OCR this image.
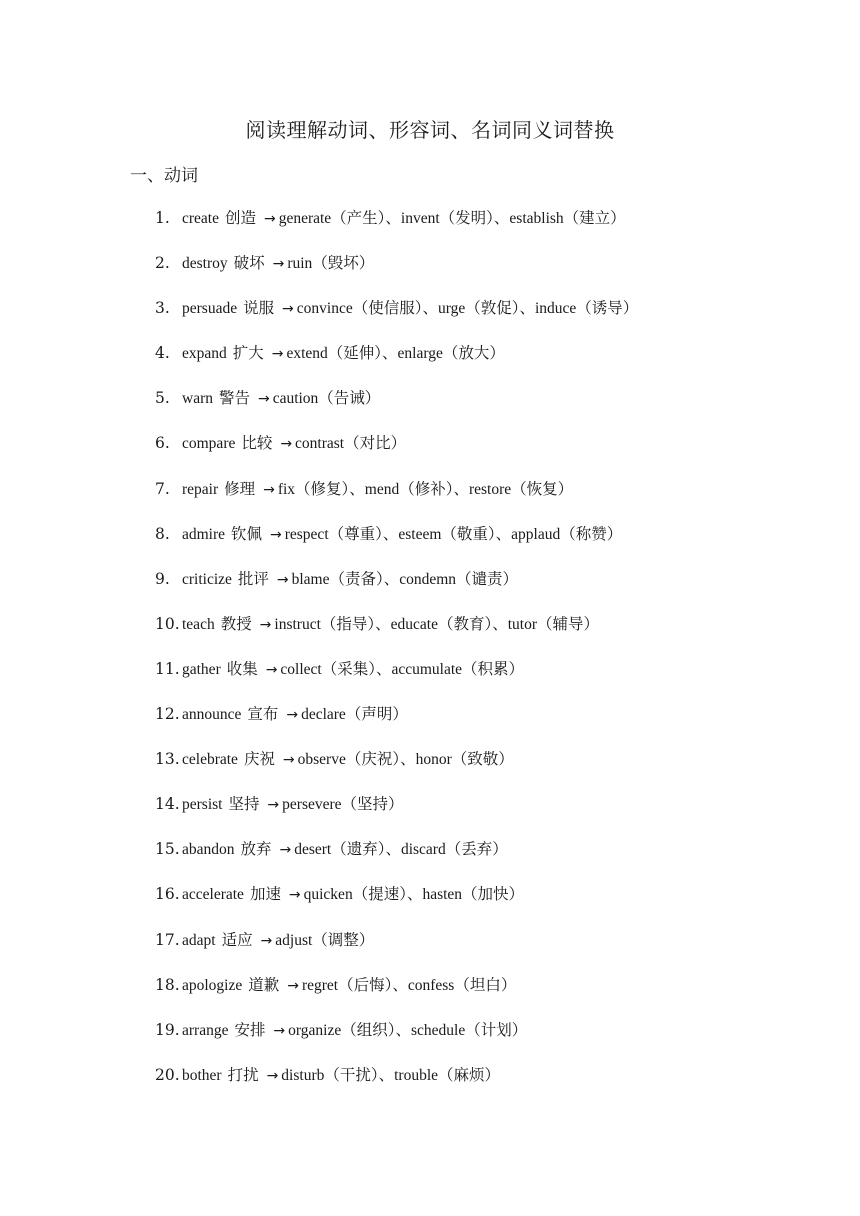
阅读理解动词、形容词、名词同义词替换
一、动词
1. create 创造 → generate（产生）、invent（发明）、establish（建立）
2. destroy 破坏 → ruin（毁坏）
3. persuade 说服 → convince（使信服）、urge（敦促）、induce（诱导）
4. expand 扩大 → extend（延伸）、enlarge（放大）
5. warn 警告 → caution（告诫）
6. compare 比较 → contrast（对比）
7. repair 修理 → fix（修复）、mend（修补）、restore（恢复）
8. admire 钦佩 → respect（尊重）、esteem（敬重）、applaud（称赞）
9. criticize 批评 → blame（责备）、condemn（谴责）
10. teach 教授 → instruct（指导）、educate（教育）、tutor（辅导）
11. gather 收集 → collect（采集）、accumulate（积累）
12. announce 宣布 → declare（声明）
13. celebrate 庆祝 → observe（庆祝）、honor（致敬）
14. persist 坚持 → persevere（坚持）
15. abandon 放弃 → desert（遗弃）、discard（丢弃）
16. accelerate 加速 → quicken（提速）、hasten（加快）
17. adapt 适应 → adjust（调整）
18. apologize 道歉 → regret（后悔）、confess（坦白）
19. arrange 安排 → organize（组织）、schedule（计划）
20. bother 打扰 → disturb（干扰）、trouble（麻烦）
